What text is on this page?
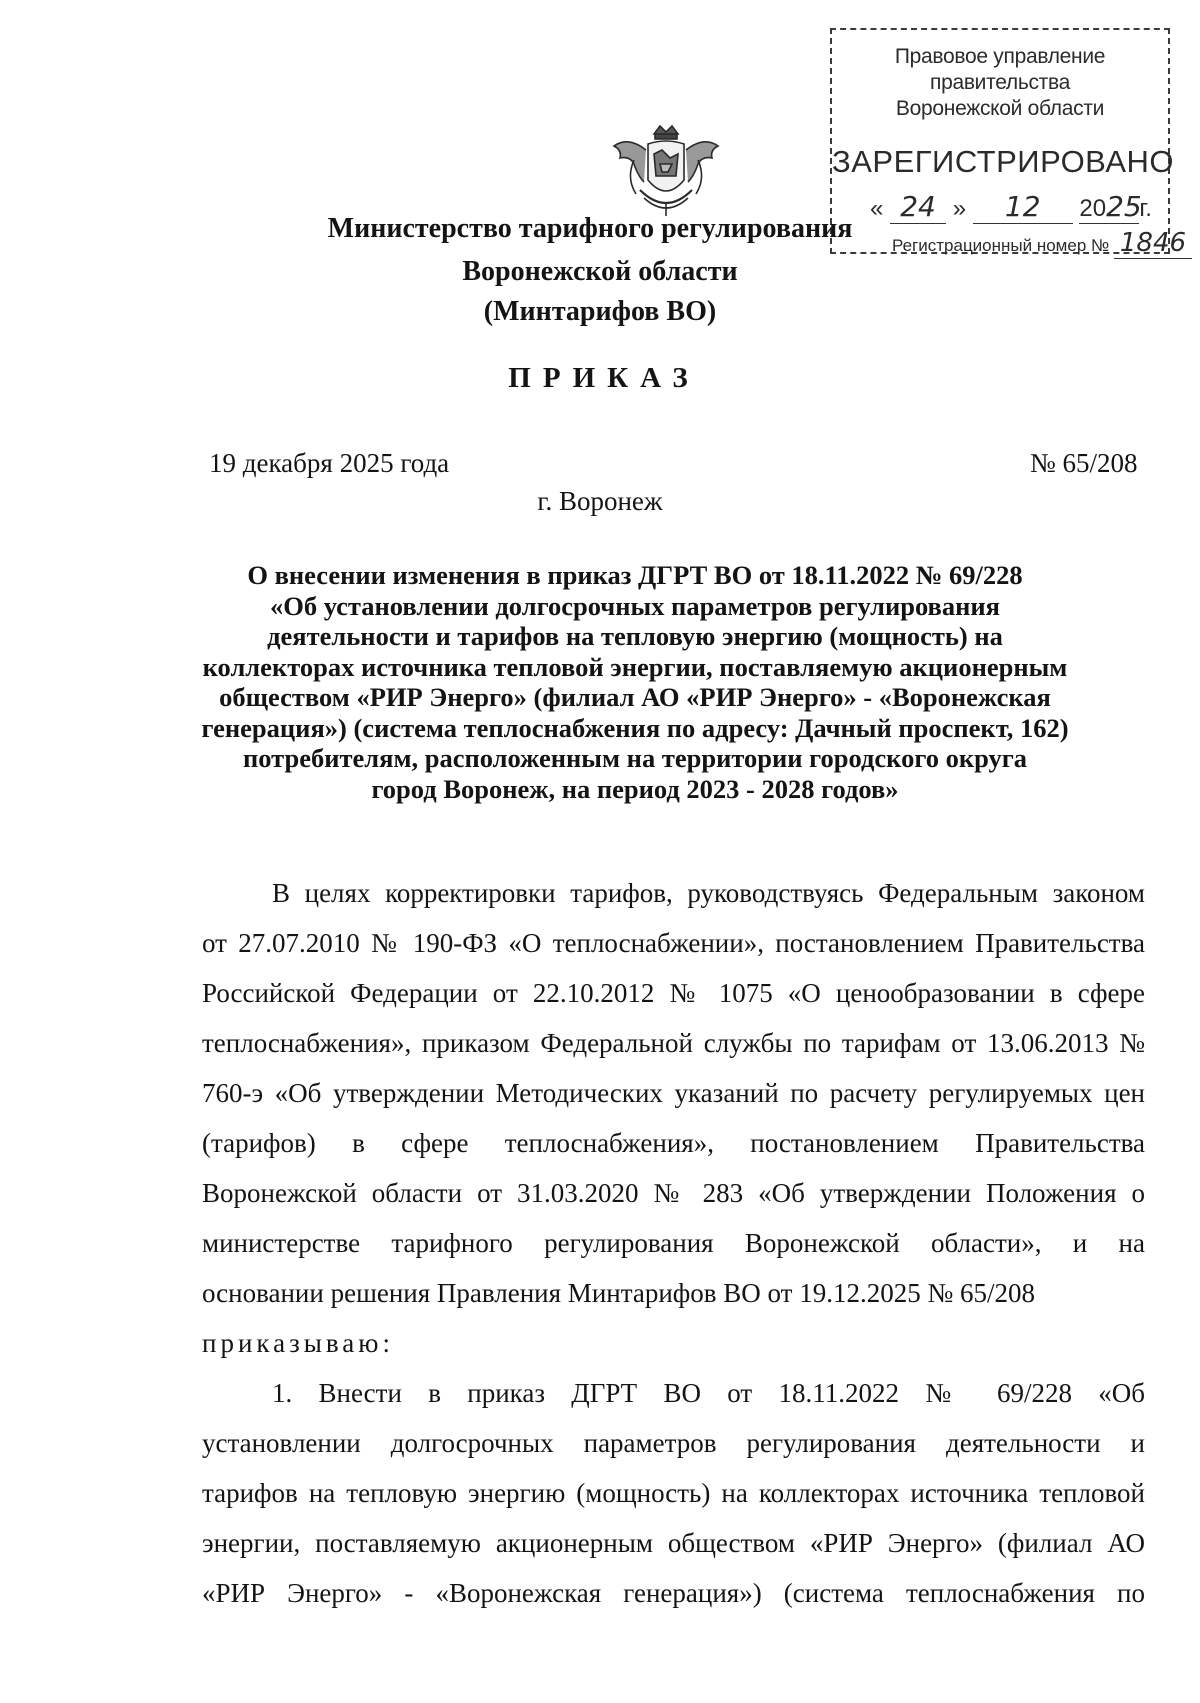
Правовое управление правительства
Воронежской области
ЗАРЕГИСТРИРОВАНО
« 24 » 12 2025г.
Регистрационный номер № 1846
Министерство тарифного регулирования
Воронежской области
(Минтарифов ВО)
ПРИКАЗ
19 декабря 2025 года	№ 65/208
г. Воронеж
О внесении изменения в приказ ДГРТ ВО от 18.11.2022 № 69/228
«Об установлении долгосрочных параметров регулирования
деятельности и тарифов на тепловую энергию (мощность) на
коллекторах источника тепловой энергии, поставляемую акционерным
обществом «РИР Энерго» (филиал АО «РИР Энерго» - «Воронежская
генерация») (система теплоснабжения по адресу: Дачный проспект, 162)
потребителям, расположенным на территории городского округа
город Воронеж, на период 2023 - 2028 годов»
В целях корректировки тарифов, руководствуясь Федеральным законом
от 27.07.2010 № 190-ФЗ «О теплоснабжении», постановлением Правительства
Российской Федерации от 22.10.2012 № 1075 «О ценообразовании в сфере
теплоснабжения», приказом Федеральной службы по тарифам от 13.06.2013 №
760-э «Об утверждении Методических указаний по расчету регулируемых цен
(тарифов) в сфере теплоснабжения», постановлением Правительства
Воронежской области от 31.03.2020 № 283 «Об утверждении Положения о
министерстве тарифного регулирования Воронежской области», и на
основании решения Правления Минтарифов ВО от 19.12.2025 № 65/208
приказываю:
1. Внести в приказ ДГРТ ВО от 18.11.2022 № 69/228 «Об
установлении долгосрочных параметров регулирования деятельности и
тарифов на тепловую энергию (мощность) на коллекторах источника тепловой
энергии, поставляемую акционерным обществом «РИР Энерго» (филиал АО
«РИР Энерго» - «Воронежская генерация») (система теплоснабжения по
